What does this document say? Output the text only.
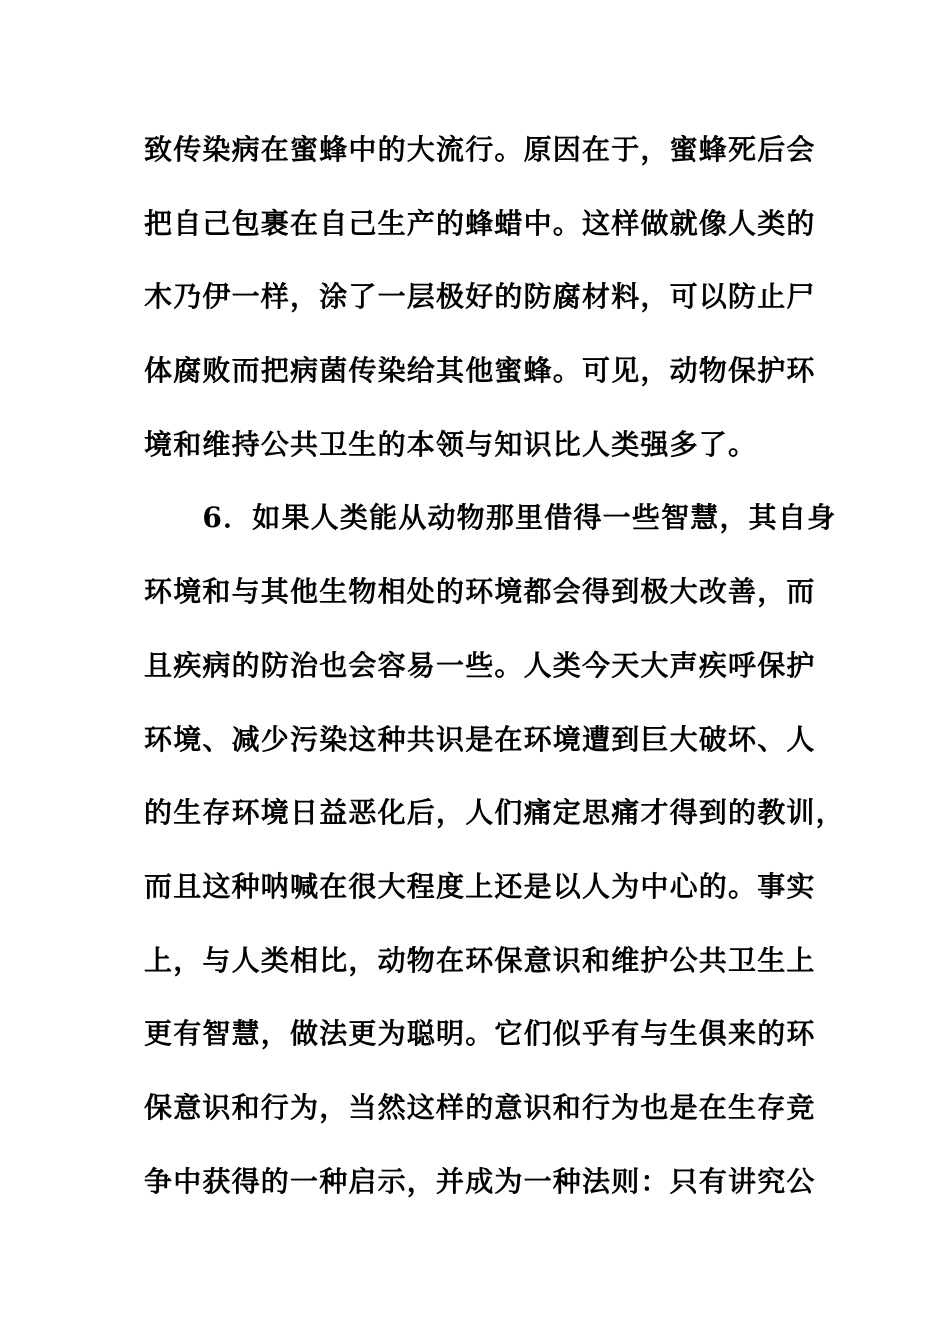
致传染病在蜜蜂中的大流行。原因在于，蜜蜂死后会
把自己包裹在自己生产的蜂蜡中。这样做就像人类的
木乃伊一样，涂了一层极好的防腐材料，可以防止尸
体腐败而把病菌传染给其他蜜蜂。可见，动物保护环
境和维持公共卫生的本领与知识比人类强多了。
　　6．如果人类能从动物那里借得一些智慧，其自身
环境和与其他生物相处的环境都会得到极大改善，而
且疾病的防治也会容易一些。人类今天大声疾呼保护
环境、减少污染这种共识是在环境遭到巨大破坏、人
的生存环境日益恶化后，人们痛定思痛才得到的教训，
而且这种呐喊在很大程度上还是以人为中心的。事实
上，与人类相比，动物在环保意识和维护公共卫生上
更有智慧，做法更为聪明。它们似乎有与生俱来的环
保意识和行为，当然这样的意识和行为也是在生存竞
争中获得的一种启示，并成为一种法则：只有讲究公
